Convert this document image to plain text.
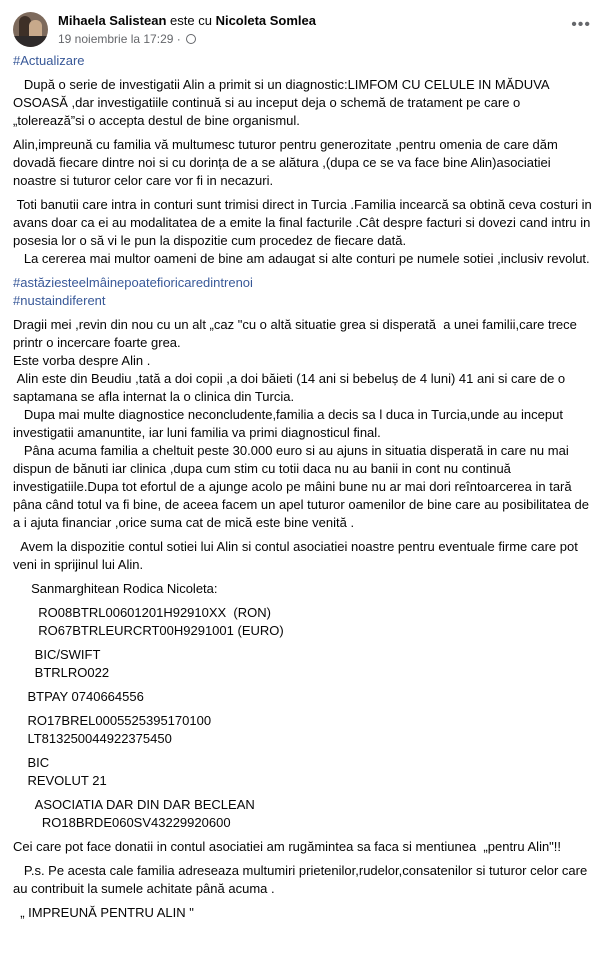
Mihaela Salistean este cu Nicoleta Somlea
19 noiembrie la 17:29 ·
•••

#Actualizare

După o serie de investigatii Alin a primit si un diagnostic:LIMFOM CU CELULE IN MĂDUVA OSOASĂ ,dar investigatiile continuă si au inceput deja o schemă de tratament pe care o „tolerează”si o accepta destul de bine organismul.

Alin,impreună cu familia vă multumesc tuturor pentru generozitate ,pentru omenia de care dăm dovadă fiecare dintre noi si cu dorința de a se alătura ,(dupa ce se va face bine Alin)asociatiei noastre si tuturor celor care vor fi in necazuri.

Toti banutii care intra in conturi sunt trimisi direct in Turcia .Familia incearcă sa obtină ceva costuri in avans doar ca ei au modalitatea de a emite la final facturile .Cât despre facturi si dovezi cand intru in posesia lor o să vi le pun la dispozitie cum procedez de fiecare dată.
La cererea mai multor oameni de bine am adaugat si alte conturi pe numele sotiei ,inclusiv revolut.

#astăziesteelmâinepoatefioricaredintrenoi

#nustaindiferent

Dragii mei ,revin din nou cu un alt „caz "cu o altă situatie grea si disperată  a unei familii,care trece printr o incercare foarte grea.
Este vorba despre Alin .
Alin este din Beudiu ,tată a doi copii ,a doi băieti (14 ani si bebeluș de 4 luni) 41 ani si care de o saptamana se afla internat la o clinica din Turcia.
Dupa mai multe diagnostice neconcludente,familia a decis sa l duca in Turcia,unde au inceput investigatii amanuntite, iar luni familia va primi diagnosticul final.
Pâna acuma familia a cheltuit peste 30.000 euro si au ajuns in situatia disperată in care nu mai dispun de bănuti iar clinica ,dupa cum stim cu totii daca nu au banii in cont nu continuă investigatiile.Dupa tot efortul de a ajunge acolo pe mâini bune nu ar mai dori reîntoarcerea in tară pâna când totul va fi bine, de aceea facem un apel tuturor oamenilor de bine care au posibilitatea de a i ajuta financiar ,orice suma cat de mică este bine venită .

Avem la dispozitie contul sotiei lui Alin si contul asociatiei noastre pentru eventuale firme care pot veni in sprijinul lui Alin.

Sanmarghitean Rodica Nicoleta:

RO08BTRL00601201H92910XX  (RON)
RO67BTRLEURCRT00H9291001 (EURO)

BIC/SWIFT
BTRLRO022

BTPAY 0740664556

RO17BREL0005525395170100
LT813250044922375450

BIC
REVOLUT 21

ASOCIATIA DAR DIN DAR BECLEAN
RO18BRDE060SV43229920600

Cei care pot face donatii in contul asociatiei am rugămintea sa faca si mentiunea  „pentru Alin"!!

P.s. Pe acesta cale familia adreseaza multumiri prietenilor,rudelor,consatenilor si tuturor celor care au contribuit la sumele achitate până acuma .

„ IMPREUNĂ PENTRU ALIN "
